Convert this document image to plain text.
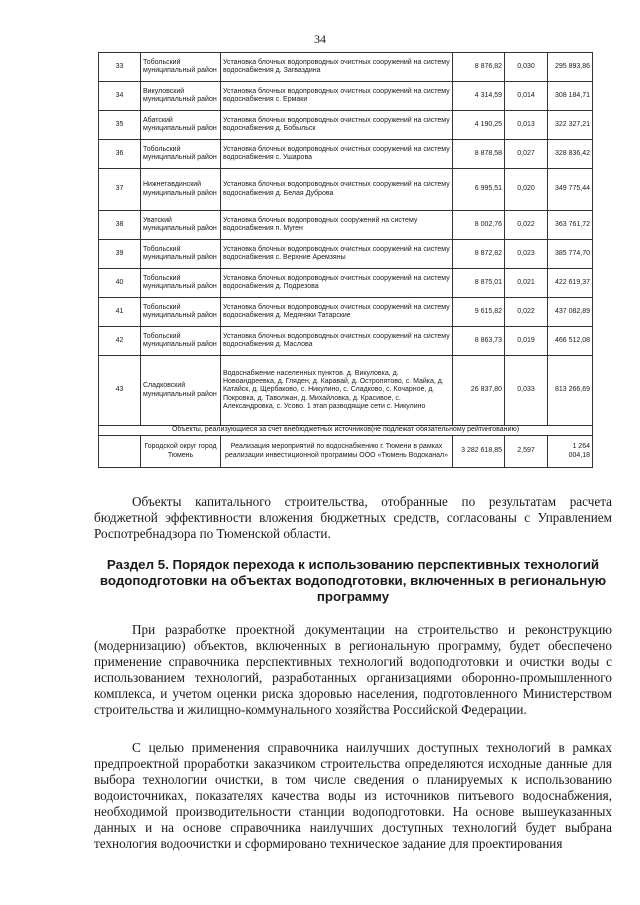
34
33	Тобольский муниципальный район	Установка блочных водопроводных очистных сооружений на систему водоснабжения д. Загваздина	8 876,82	0,030	295 893,86
34	Викуловский муниципальный район	Установка блочных водопроводных очистных сооружений на систему водоснабжения с. Ермаки	4 314,59	0,014	308 184,71
35	Абатский муниципальный район	Установка блочных водопроводных очистных сооружений на систему водоснабжения д. Бобыльск	4 190,25	0,013	322 327,21
36	Тобольский муниципальный район	Установка блочных водопроводных очистных сооружений на систему водоснабжения с. Ушарова	8 878,58	0,027	328 836,42
37	Нижнетавдинский муниципальный район	Установка блочных водопроводных очистных сооружений на систему водоснабжения д. Белая Дуброва	6 995,51	0,020	349 775,44
38	Уватский муниципальный район	Установка блочных водопроводных сооружений на систему водоснабжения п. Муген	8 002,76	0,022	363 761,72
39	Тобольский муниципальный район	Установка блочных водопроводных очистных сооружений на систему водоснабжения с. Верхние Аремзяны	8 872,82	0,023	385 774,70
40	Тобольский муниципальный район	Установка блочных водопроводных очистных сооружений на систему водоснабжения д. Подрезова	8 875,01	0,021	422 619,37
41	Тобольский муниципальный район	Установка блочных водопроводных очистных сооружений на систему водоснабжения д. Медяняки Татарские	9 615,82	0,022	437 082,89
42	Тобольский муниципальный район	Установка блочных водопроводных очистных сооружений на систему водоснабжения д. Маслова	8 863,73	0,019	466 512,08
43	Сладковский муниципальный район	Водоснабжение населенных пунктов. д. Викуловка, д. Новоандреевка, д. Гляден, д. Каравай, д. Остропятово, с. Майка, д. Катайск, д. Щербаково, с. Никулино, с. Сладково, с. Кочарное, д. Покровка, д. Таволжан, д. Михайловка, д. Красивое, с. Александровка, с. Усово. 1 этап разводящие сети с. Никулино	26 837,80	0,033	813 266,69
Объекты, реализующиеся за счет внебюджетных источников(не подлежат обязательному рейтингованию)					
	Городской округ город Тюмень	Реализация мероприятий по водоснабжению г. Тюмени в рамках реализации инвестиционной программы ООО «Тюмень Водоканал»	3 282 618,85	2,597	1 264 004,18

Объекты капитального строительства, отобранные по результатам расчета бюджетной эффективности вложения бюджетных средств, согласованы с Управлением Роспотребнадзора по Тюменской области.

Раздел 5. Порядок перехода к использованию перспективных технологий водоподготовки на объектах водоподготовки, включенных в региональную программу

При разработке проектной документации на строительство и реконструкцию (модернизацию) объектов, включенных в региональную программу, будет обеспечено применение справочника перспективных технологий водоподготовки и очистки воды с использованием технологий, разработанных организациями оборонно-промышленного комплекса, и учетом оценки риска здоровью населения, подготовленного Министерством строительства и жилищно-коммунального хозяйства Российской Федерации.

С целью применения справочника наилучших доступных технологий в рамках предпроектной проработки заказчиком строительства определяются исходные данные для выбора технологии очистки, в том числе сведения о планируемых к использованию водоисточниках, показателях качества воды из источников питьевого водоснабжения, необходимой производительности станции водоподготовки. На основе вышеуказанных данных и на основе справочника наилучших доступных технологий будет выбрана технология водоочистки и сформировано техническое задание для проектирования
